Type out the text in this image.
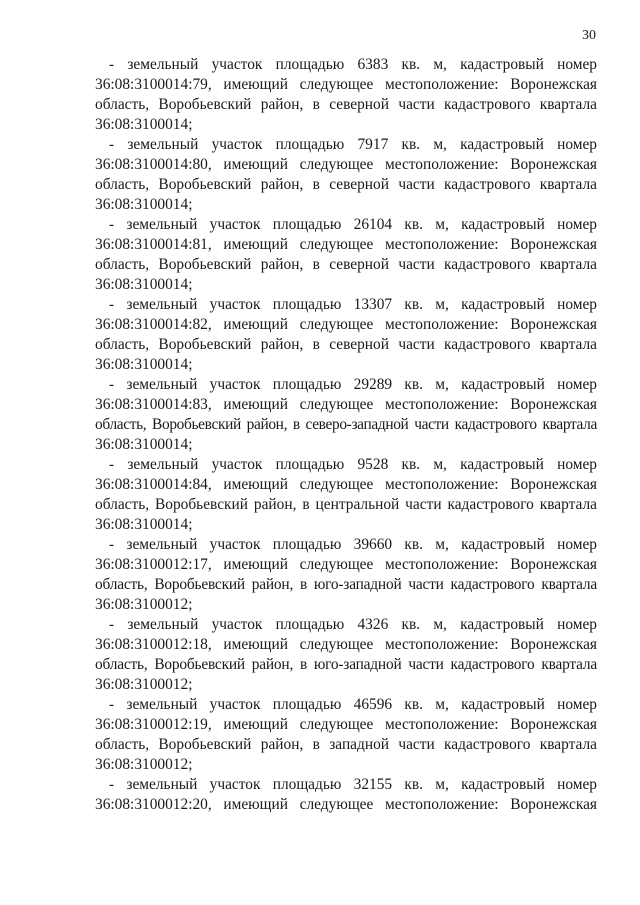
30

- земельный участок площадью 6383 кв. м, кадастровый номер
36:08:3100014:79, имеющий следующее местоположение: Воронежская
область, Воробьевский район, в северной части кадастрового квартала
36:08:3100014;

- земельный участок площадью 7917 кв. м, кадастровый номер
36:08:3100014:80, имеющий следующее местоположение: Воронежская
область, Воробьевский район, в северной части кадастрового квартала
36:08:3100014;

- земельный участок площадью 26104 кв. м, кадастровый номер
36:08:3100014:81, имеющий следующее местоположение: Воронежская
область, Воробьевский район, в северной части кадастрового квартала
36:08:3100014;

- земельный участок площадью 13307 кв. м, кадастровый номер
36:08:3100014:82, имеющий следующее местоположение: Воронежская
область, Воробьевский район, в северной части кадастрового квартала
36:08:3100014;

- земельный участок площадью 29289 кв. м, кадастровый номер
36:08:3100014:83, имеющий следующее местоположение: Воронежская
область, Воробьевский район, в северо-западной части кадастрового квартала
36:08:3100014;

- земельный участок площадью 9528 кв. м, кадастровый номер
36:08:3100014:84, имеющий следующее местоположение: Воронежская
область, Воробьевский район, в центральной части кадастрового квартала
36:08:3100014;

- земельный участок площадью 39660 кв. м, кадастровый номер
36:08:3100012:17, имеющий следующее местоположение: Воронежская
область, Воробьевский район, в юго-западной части кадастрового квартала
36:08:3100012;

- земельный участок площадью 4326 кв. м, кадастровый номер
36:08:3100012:18, имеющий следующее местоположение: Воронежская
область, Воробьевский район, в юго-западной части кадастрового квартала
36:08:3100012;

- земельный участок площадью 46596 кв. м, кадастровый номер
36:08:3100012:19, имеющий следующее местоположение: Воронежская
область, Воробьевский район, в западной части кадастрового квартала
36:08:3100012;

- земельный участок площадью 32155 кв. м, кадастровый номер
36:08:3100012:20, имеющий следующее местоположение: Воронежская
